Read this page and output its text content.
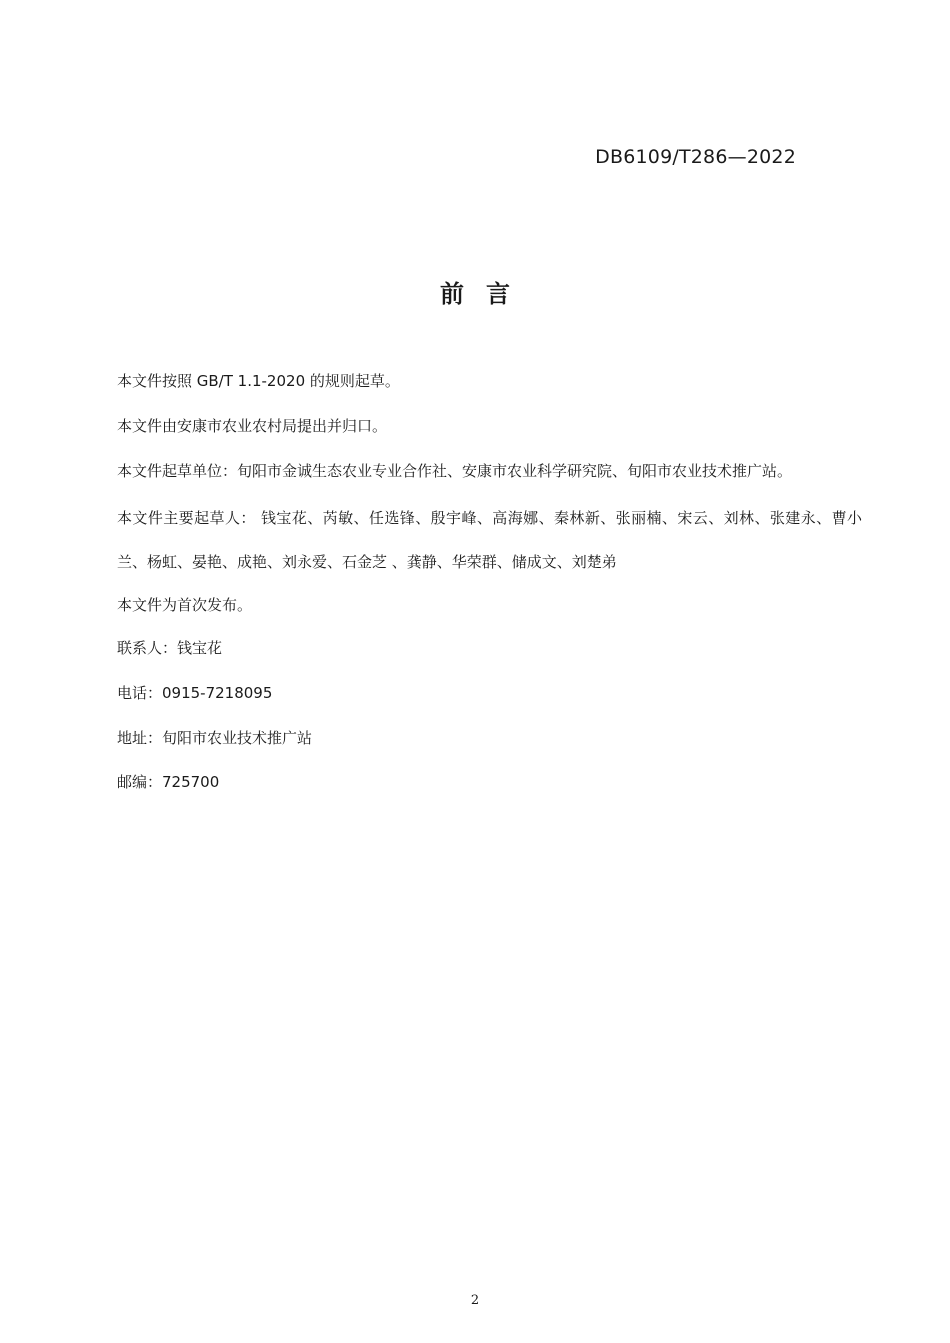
DB6109/T286—2022
前言
本文件按照 GB/T 1.1-2020 的规则起草。
本文件由安康市农业农村局提出并归口。
本文件起草单位：旬阳市金诚生态农业专业合作社、安康市农业科学研究院、旬阳市农业技术推广站。
本文件为首次发布。
联系人：钱宝花
电话：0915-7218095
地址：旬阳市农业技术推广站
邮编：725700
本文件主要起草人： 钱宝花、芮敏、任选锋、殷宇峰、高海娜、秦林新、张丽楠、宋云、刘林、张建永、曹小兰、杨虹、晏艳、成艳、刘永爱、石金芝 、龚静、华荣群、储成文、刘楚弟
2
